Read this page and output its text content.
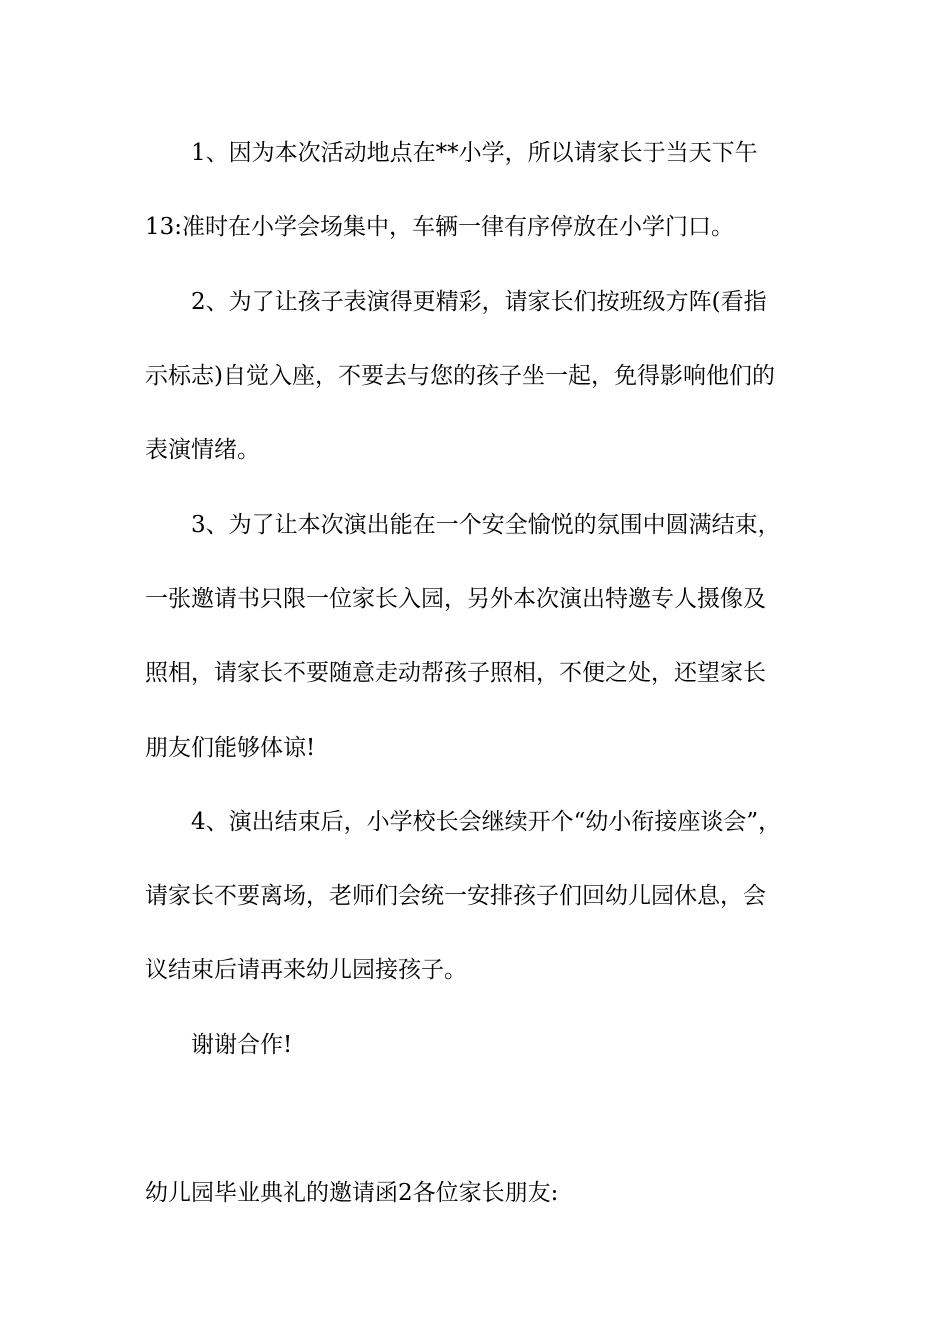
1、因为本次活动地点在**小学，所以请家长于当天下午
13:准时在小学会场集中，车辆一律有序停放在小学门口。
2、为了让孩子表演得更精彩，请家长们按班级方阵(看指
示标志)自觉入座，不要去与您的孩子坐一起，免得影响他们的
表演情绪。
3、为了让本次演出能在一个安全愉悦的氛围中圆满结束，
一张邀请书只限一位家长入园，另外本次演出特邀专人摄像及
照相，请家长不要随意走动帮孩子照相，不便之处，还望家长
朋友们能够体谅!
4、演出结束后，小学校长会继续开个“幼小衔接座谈会”，
请家长不要离场，老师们会统一安排孩子们回幼儿园休息，会
议结束后请再来幼儿园接孩子。
谢谢合作!
幼儿园毕业典礼的邀请函2各位家长朋友:
